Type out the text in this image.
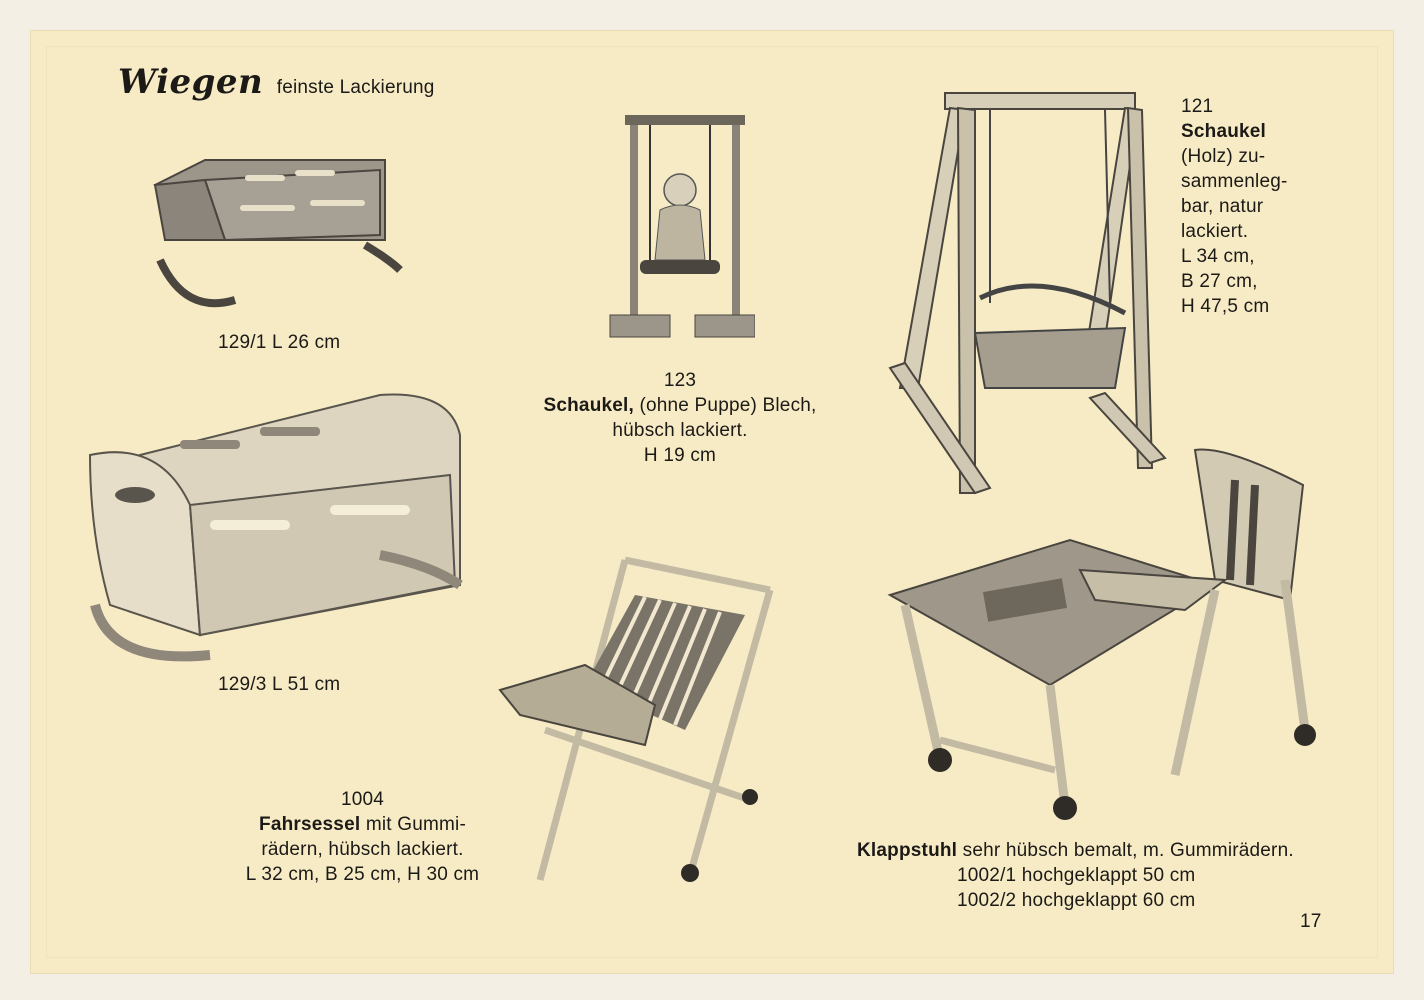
Wiegen feinste Lackierung
129/1 L 26 cm
129/3 L 51 cm
123
Schaukel, (ohne Puppe) Blech,
hübsch lackiert.
H 19 cm
121
Schaukel
(Holz) zu-
sammenleg-
bar, natur
lackiert.
L 34 cm,
B 27 cm,
H 47,5 cm
1004
Fahrsessel mit Gummi-
rädern, hübsch lackiert.
L 32 cm, B 25 cm, H 30 cm
Klappstuhl sehr hübsch bemalt, m. Gummirädern.
1002/1 hochgeklappt 50 cm
1002/2 hochgeklappt 60 cm
17
